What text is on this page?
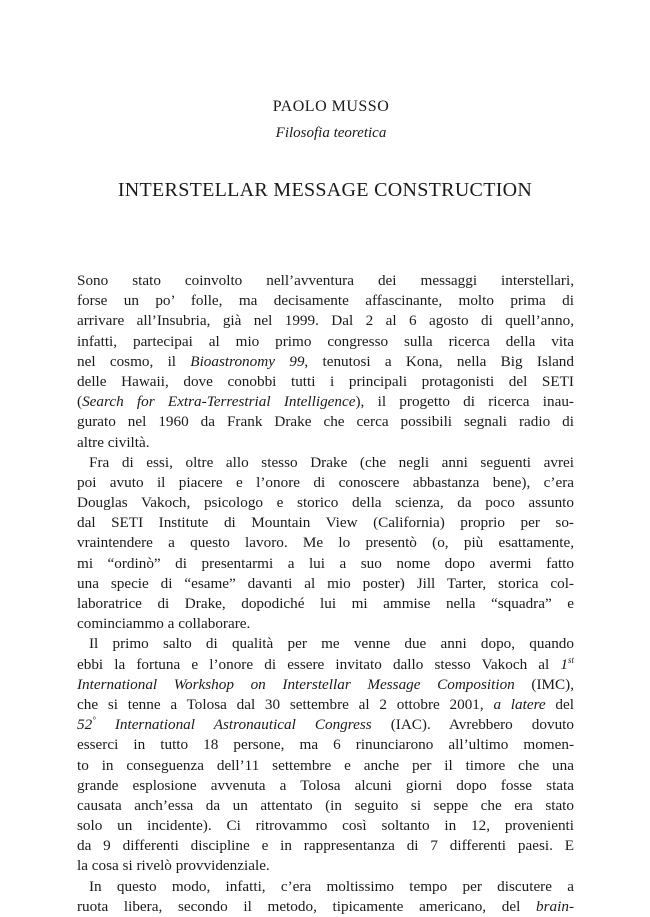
PAOLO MUSSO
Filosofia teoretica
INTERSTELLAR MESSAGE CONSTRUCTION
Sono stato coinvolto nell’avventura dei messaggi interstellari,
forse un po’ folle, ma decisamente affascinante, molto prima di
arrivare all’Insubria, già nel 1999. Dal 2 al 6 agosto di quell’anno,
infatti, partecipai al mio primo congresso sulla ricerca della vita
nel cosmo, il Bioastronomy 99, tenutosi a Kona, nella Big Island
delle Hawaii, dove conobbi tutti i principali protagonisti del SETI
(Search for Extra-Terrestrial Intelligence), il progetto di ricerca inau-
gurato nel 1960 da Frank Drake che cerca possibili segnali radio di
altre civiltà.
Fra di essi, oltre allo stesso Drake (che negli anni seguenti avrei
poi avuto il piacere e l’onore di conoscere abbastanza bene), c’era
Douglas Vakoch, psicologo e storico della scienza, da poco assunto
dal SETI Institute di Mountain View (California) proprio per so-
vraintendere a questo lavoro. Me lo presentò (o, più esattamente,
mi “ordinò” di presentarmi a lui a suo nome dopo avermi fatto
una specie di “esame” davanti al mio poster) Jill Tarter, storica col-
laboratrice di Drake, dopodiché lui mi ammise nella “squadra” e
cominciammo a collaborare.
Il primo salto di qualità per me venne due anni dopo, quando
ebbi la fortuna e l’onore di essere invitato dallo stesso Vakoch al 1st
International Workshop on Interstellar Message Composition (IMC),
che si tenne a Tolosa dal 30 settembre al 2 ottobre 2001, a latere del
52° International Astronautical Congress (IAC). Avrebbero dovuto
esserci in tutto 18 persone, ma 6 rinunciarono all’ultimo momen-
to in conseguenza dell’11 settembre e anche per il timore che una
grande esplosione avvenuta a Tolosa alcuni giorni dopo fosse stata
causata anch’essa da un attentato (in seguito si seppe che era stato
solo un incidente). Ci ritrovammo così soltanto in 12, provenienti
da 9 differenti discipline e in rappresentanza di 7 differenti paesi. E
la cosa si rivelò provvidenziale.
In questo modo, infatti, c’era moltissimo tempo per discutere a
ruota libera, secondo il metodo, tipicamente americano, del brain-
